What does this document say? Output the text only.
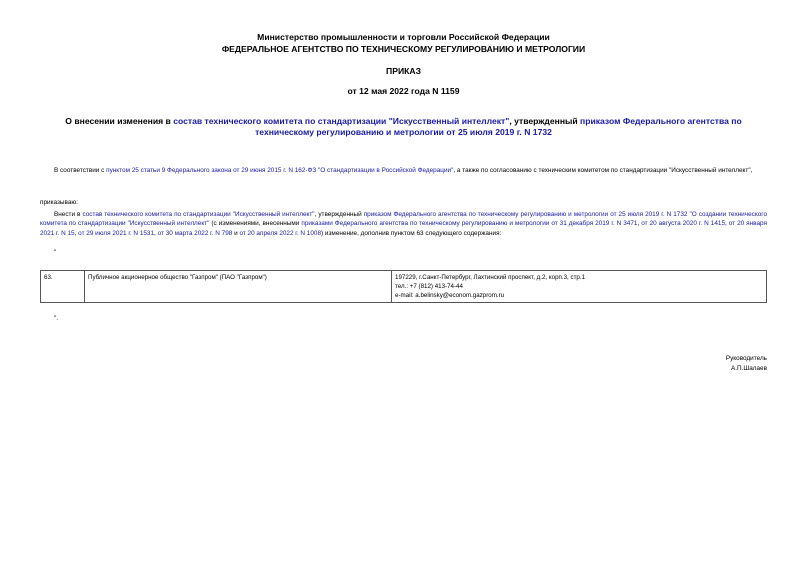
Министерство промышленности и торговли Российской Федерации
ФЕДЕРАЛЬНОЕ АГЕНТСТВО ПО ТЕХНИЧЕСКОМУ РЕГУЛИРОВАНИЮ И МЕТРОЛОГИИ
ПРИКАЗ
от 12 мая 2022 года N 1159
О внесении изменения в состав технического комитета по стандартизации "Искусственный интеллект", утвержденный приказом Федерального агентства по техническому регулированию и метрологии от 25 июля 2019 г. N 1732
В соответствии с пунктом 25 статьи 9 Федерального закона от 29 июня 2015 г. N 162-ФЗ "О стандартизации в Российской Федерации", а также по согласованию с техническим комитетом по стандартизации "Искусственный интеллект",
приказываю:
Внести в состав технического комитета по стандартизации "Искусственный интеллект", утвержденный приказом Федерального агентства по техническому регулированию и метрологии от 25 июля 2019 г. N 1732 "О создании технического комитета по стандартизации "Искусственный интеллект" (с изменениями, внесенными приказами Федерального агентства по техническому регулированию и метрологии от 31 декабря 2019 г. N 3471, от 20 августа 2020 г. N 1415, от 20 января 2021 г. N 15, от 29 июля 2021 г. N 1531, от 30 марта 2022 г. N 798 и от 20 апреля 2022 г. N 1008) изменение, дополнив пунктом 63 следующего содержания:
"
63.	Публичное акционерное общество "Газпром" (ПАО "Газпром")	197229, г.Санкт-Петербург, Лахтинский проспект, д.2, корп.3, стр.1
тел.: +7 (812) 413-74-44
e-mail: a.belinsky@econom.gazprom.ru
".
Руководитель
А.П.Шалаев
